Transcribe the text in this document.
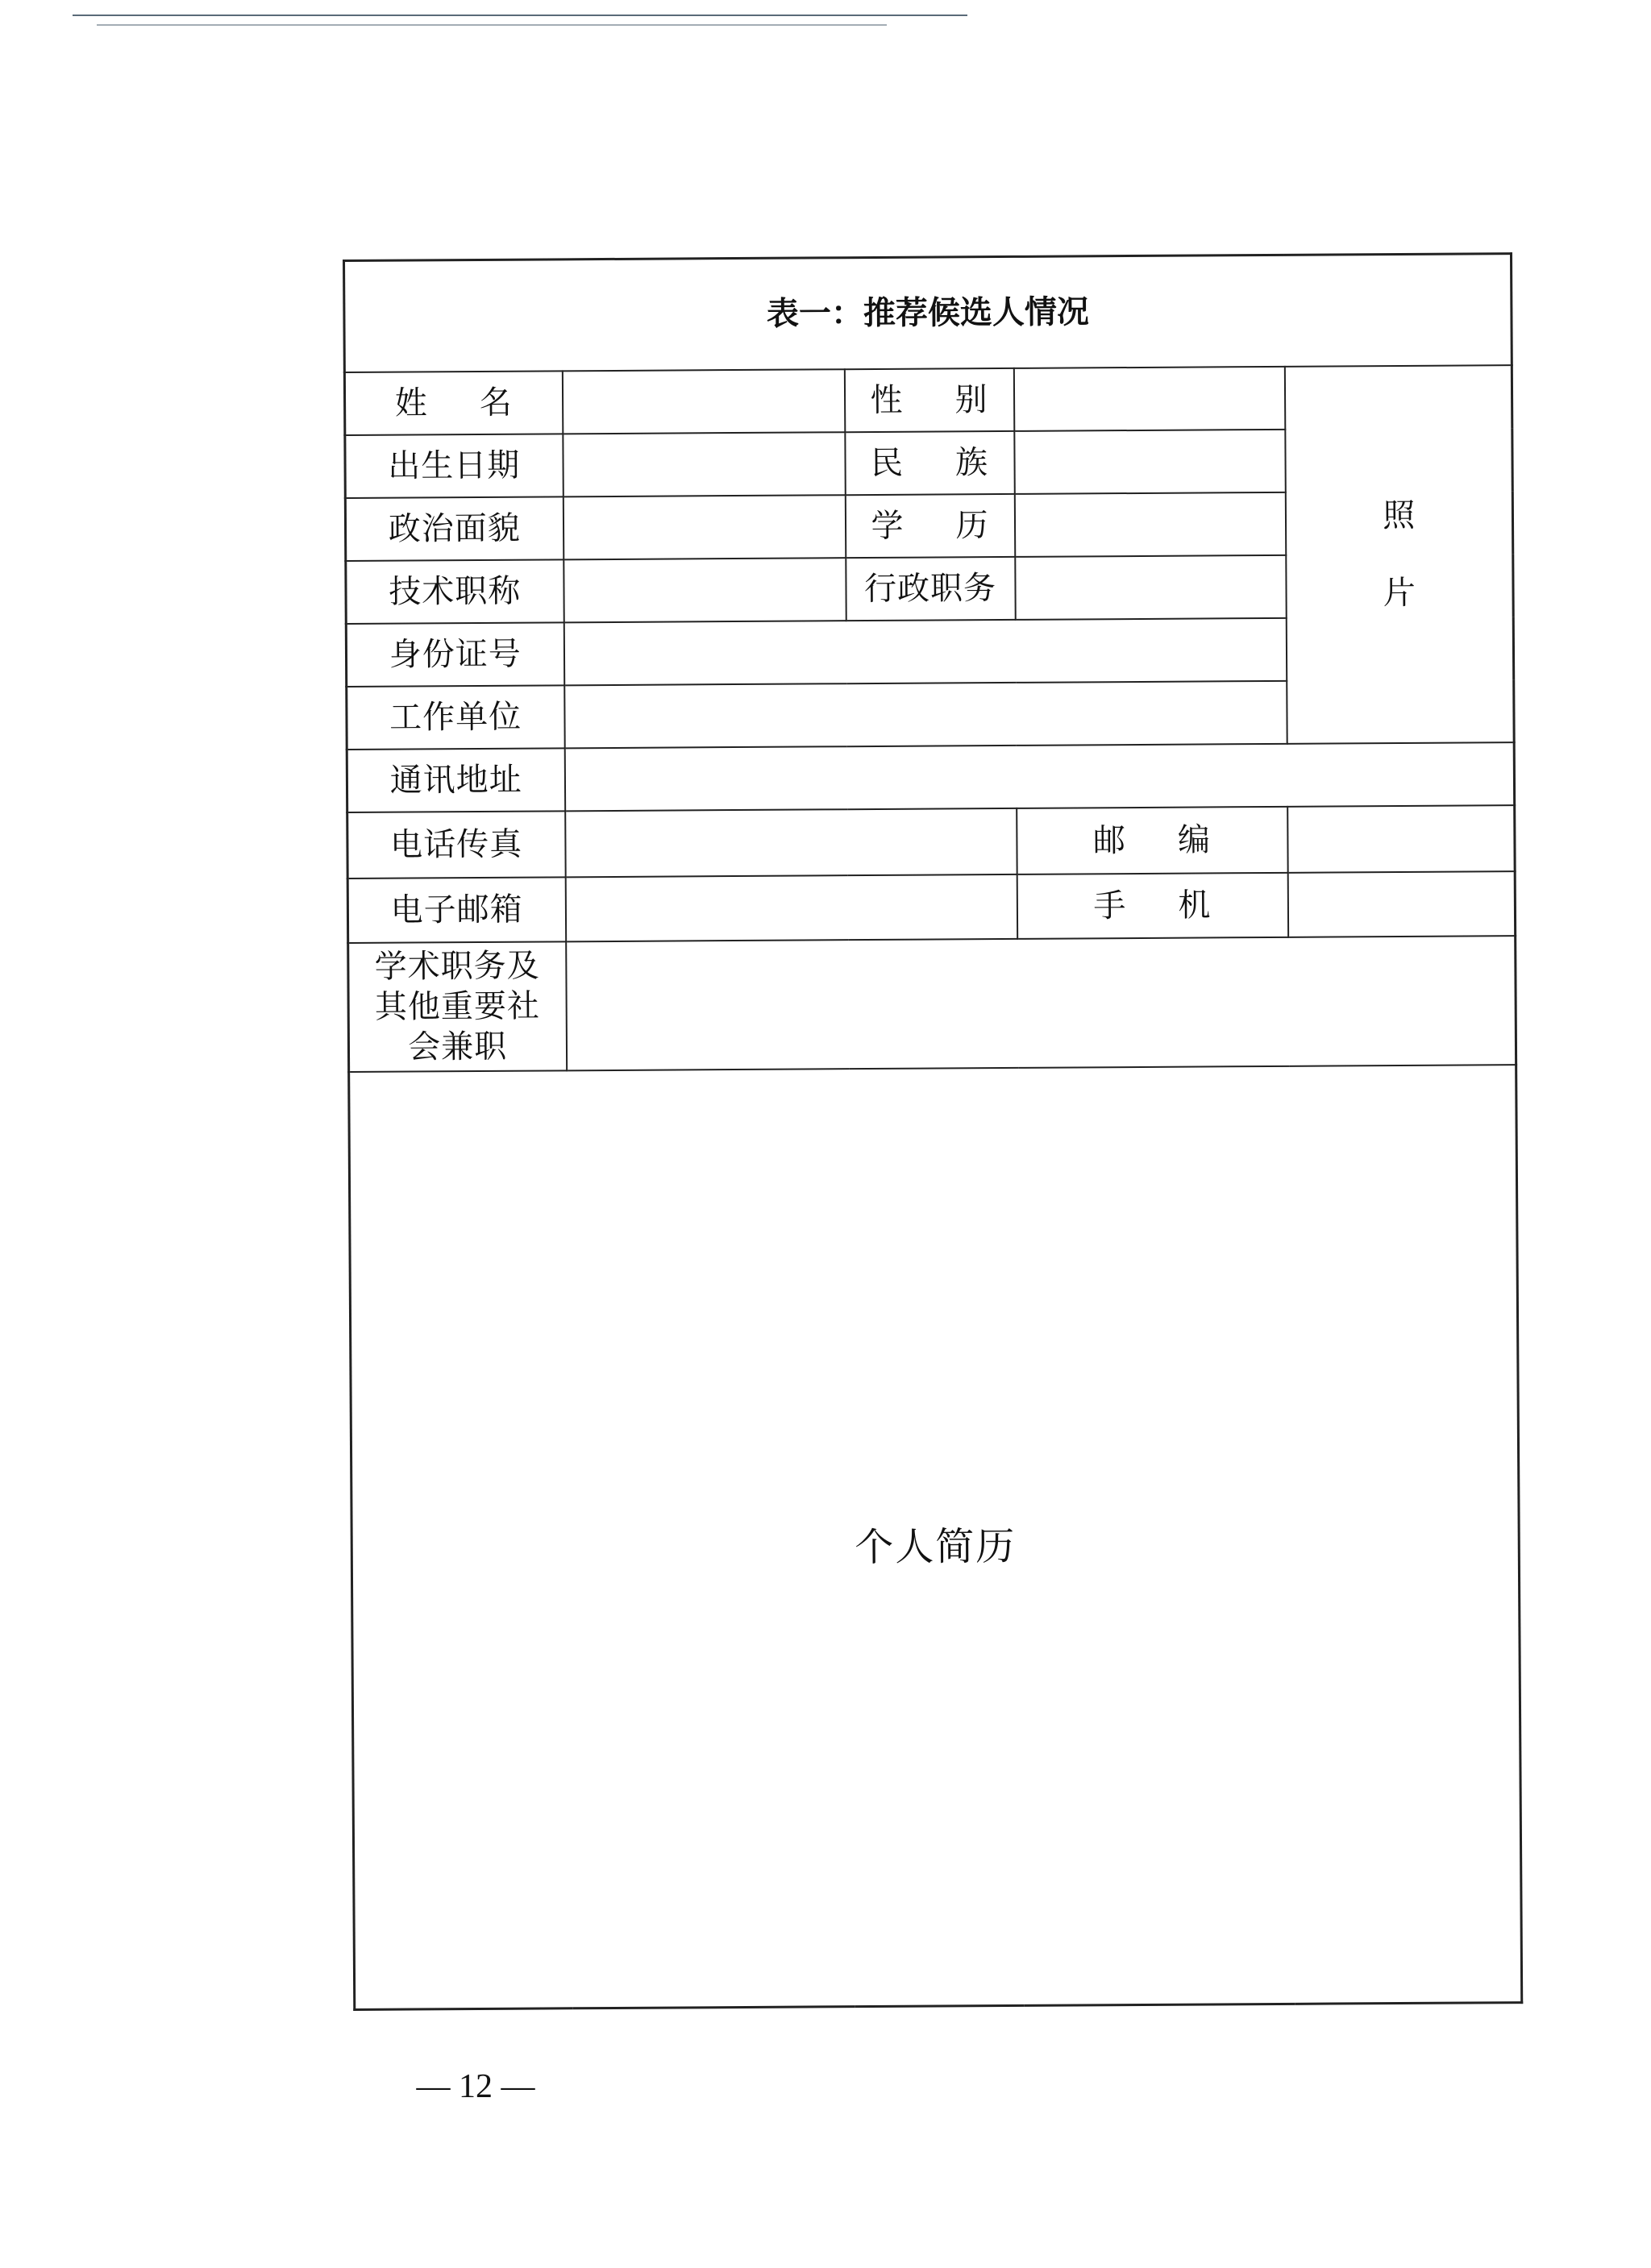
表一：推荐候选人情况				
姓 名		性 别		照
片

出生日期		民 族		
政治面貌		学 历		
技术职称		行政职务		
身份证号				
工作单位				
通讯地址				
电话传真			邮 编	
电子邮箱			手 机	

学术职务及
其他重要社
会兼职				

个人简历				
— 12 —
